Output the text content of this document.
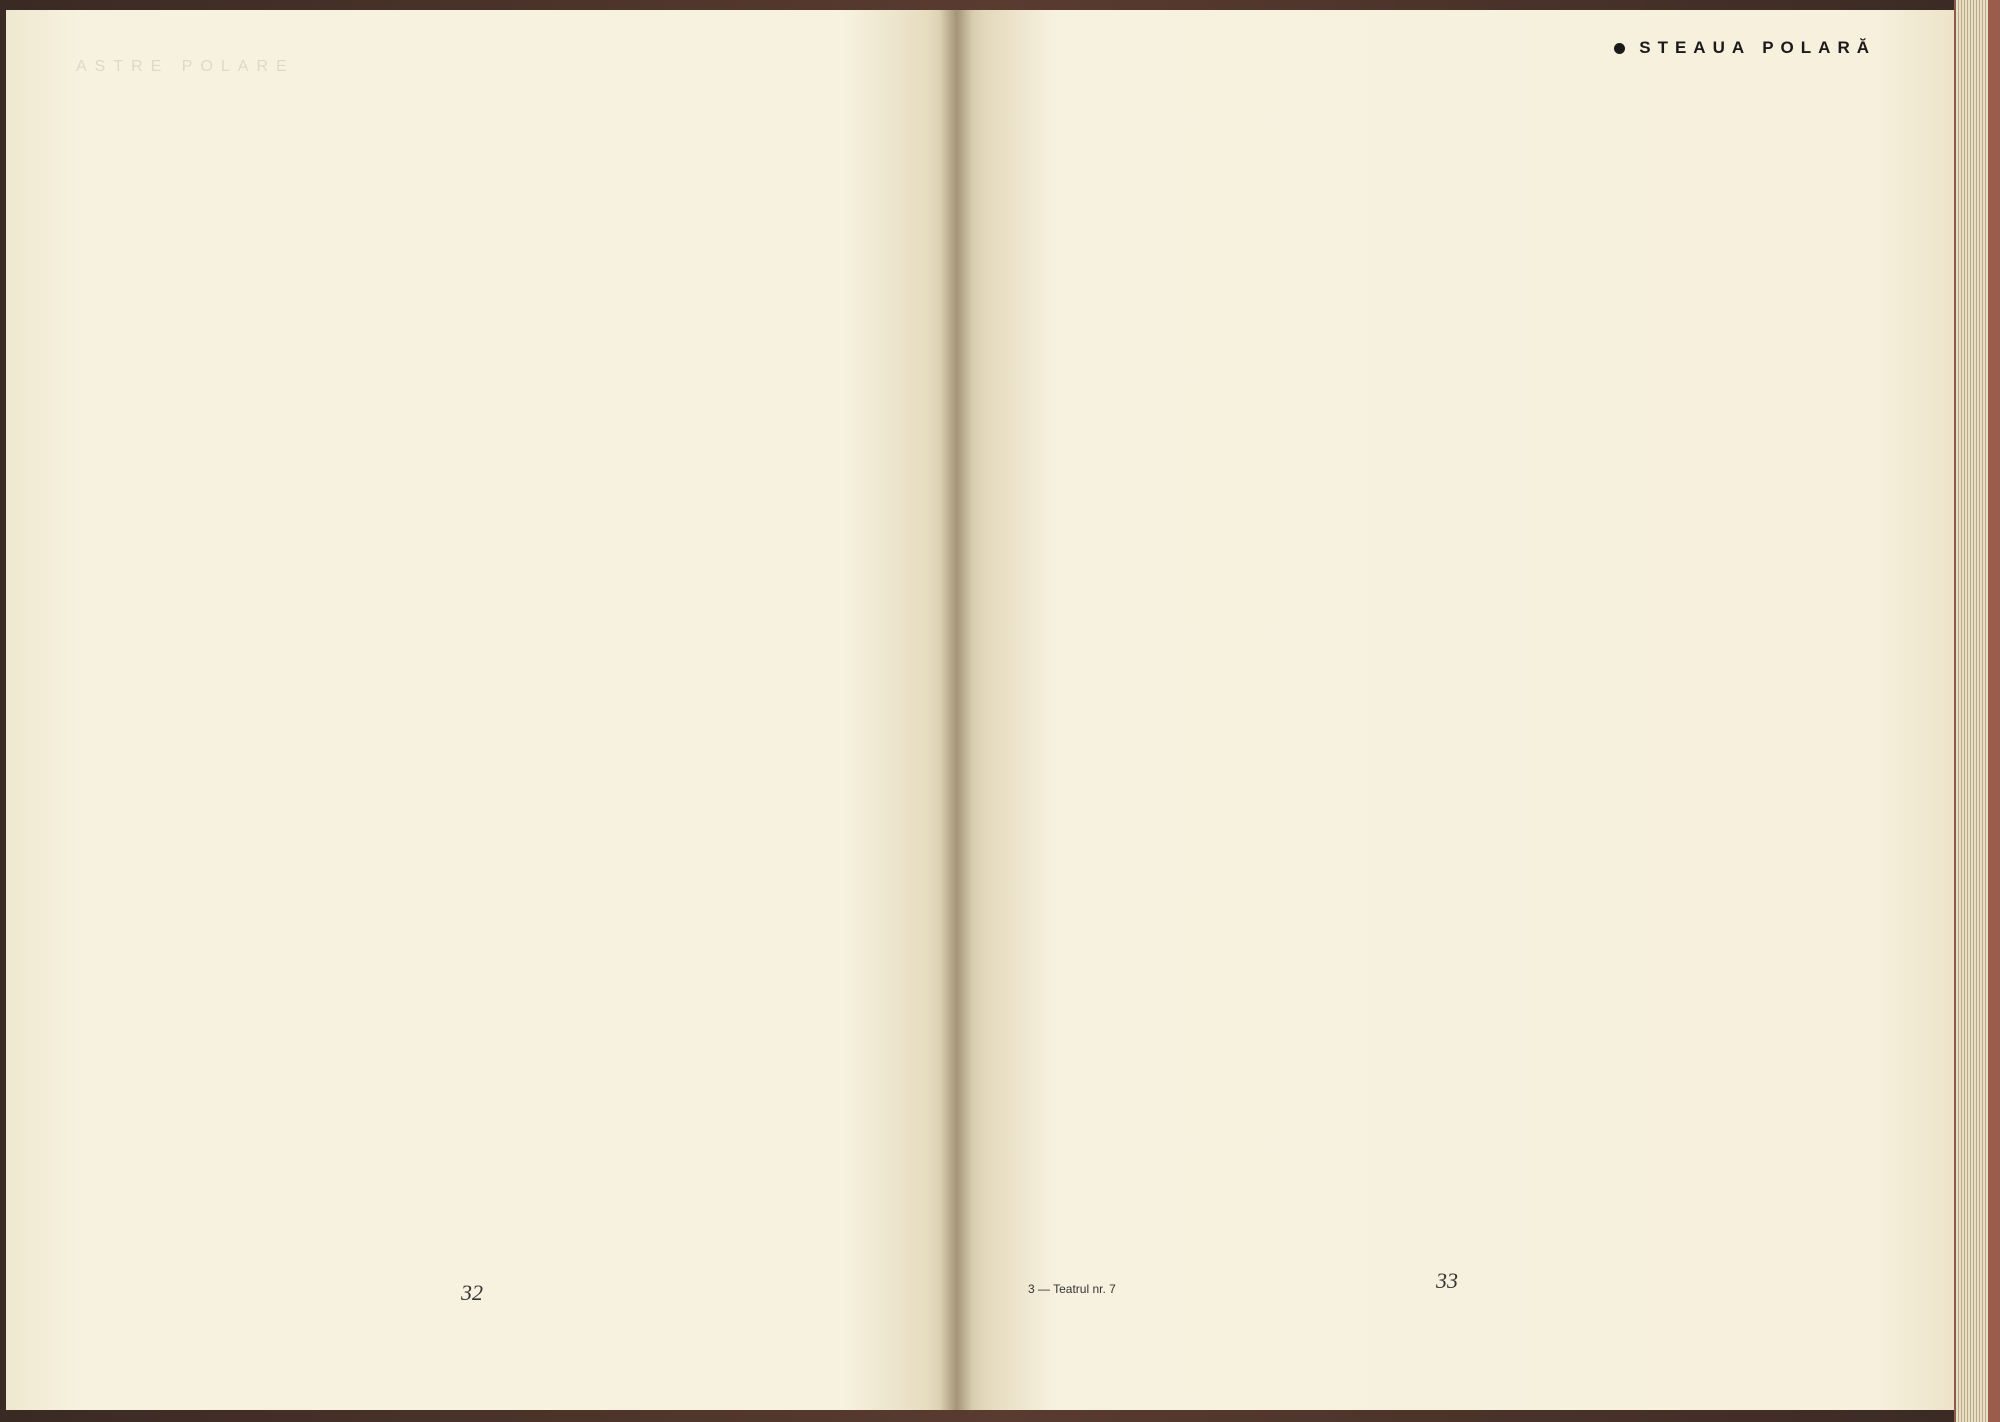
ASTRE POLARE
32
STEAUA POLARĂ
3 — Teatrul nr. 7	33
